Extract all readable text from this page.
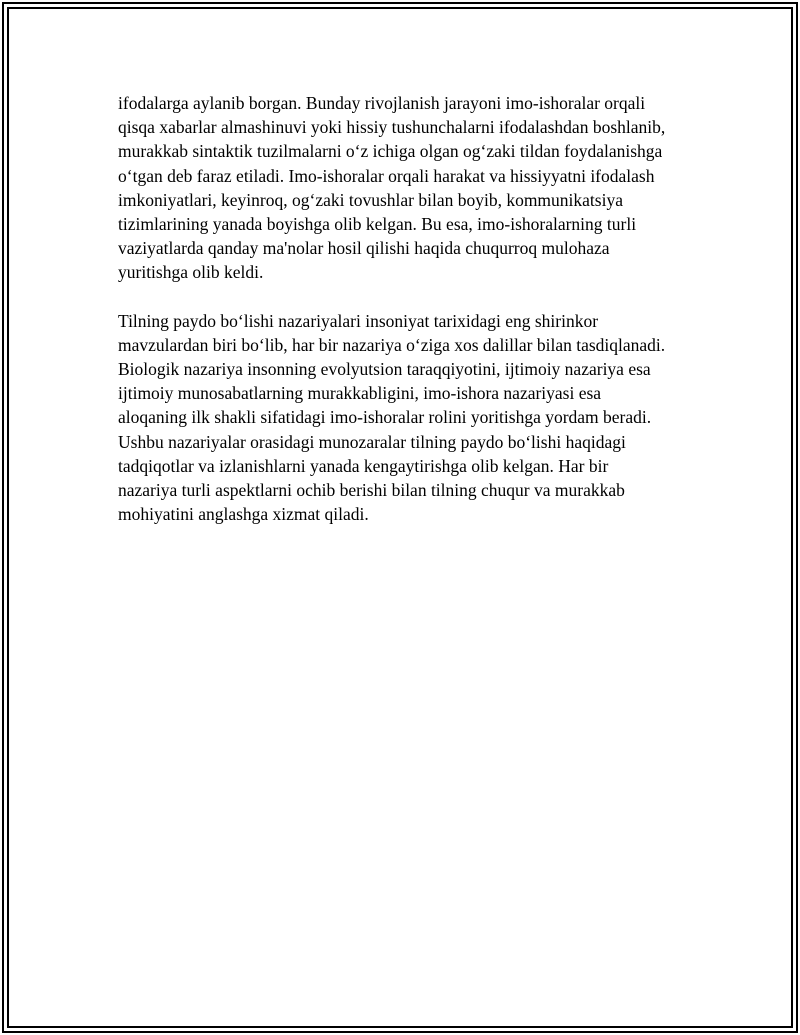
ifodalarga aylanib borgan. Bunday rivojlanish jarayoni imo-ishoralar orqali qisqa xabarlar almashinuvi yoki hissiy tushunchalarni ifodalashdan boshlanib, murakkab sintaktik tuzilmalarni o‘z ichiga olgan og‘zaki tildan foydalanishga o‘tgan deb faraz etiladi. Imo-ishoralar orqali harakat va hissiyyatni ifodalash imkoniyatlari, keyinroq, og‘zaki tovushlar bilan boyib, kommunikatsiya tizimlarining yanada boyishga olib kelgan. Bu esa, imo-ishoralarning turli vaziyatlarda qanday ma'nolar hosil qilishi haqida chuqurroq mulohaza yuritishga olib keldi.

Tilning paydo bo‘lishi nazariyalari insoniyat tarixidagi eng shirinkor mavzulardan biri bo‘lib, har bir nazariya o‘ziga xos dalillar bilan tasdiqlanadi. Biologik nazariya insonning evolyutsion taraqqiyotini, ijtimoiy nazariya esa ijtimoiy munosabatlarning murakkabligini, imo-ishora nazariyasi esa aloqaning ilk shakli sifatidagi imo-ishoralar rolini yoritishga yordam beradi. Ushbu nazariyalar orasidagi munozaralar tilning paydo bo‘lishi haqidagi tadqiqotlar va izlanishlarni yanada kengaytirishga olib kelgan. Har bir nazariya turli aspektlarni ochib berishi bilan tilning chuqur va murakkab mohiyatini anglashga xizmat qiladi.
